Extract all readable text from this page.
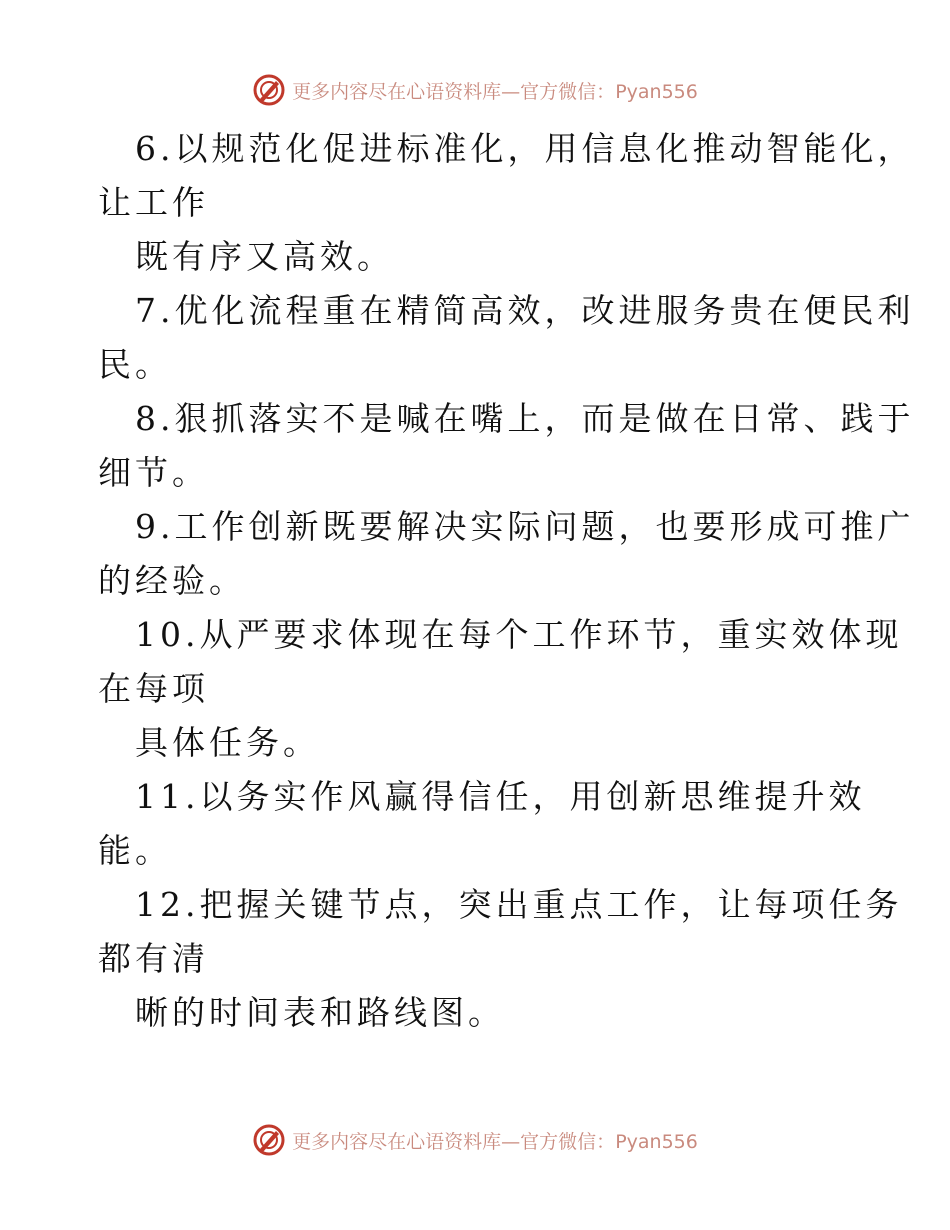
更多内容尽在心语资料库—官方微信：Pyan556
6.以规范化促进标准化，用信息化推动智能化，
让工作
既有序又高效。
7.优化流程重在精简高效，改进服务贵在便民利
民。
8.狠抓落实不是喊在嘴上，而是做在日常、践于
细节。
9.工作创新既要解决实际问题，也要形成可推广
的经验。
10.从严要求体现在每个工作环节，重实效体现
在每项
具体任务。
11.以务实作风赢得信任，用创新思维提升效
能。
12.把握关键节点，突出重点工作，让每项任务
都有清
晰的时间表和路线图。
更多内容尽在心语资料库—官方微信：Pyan556
